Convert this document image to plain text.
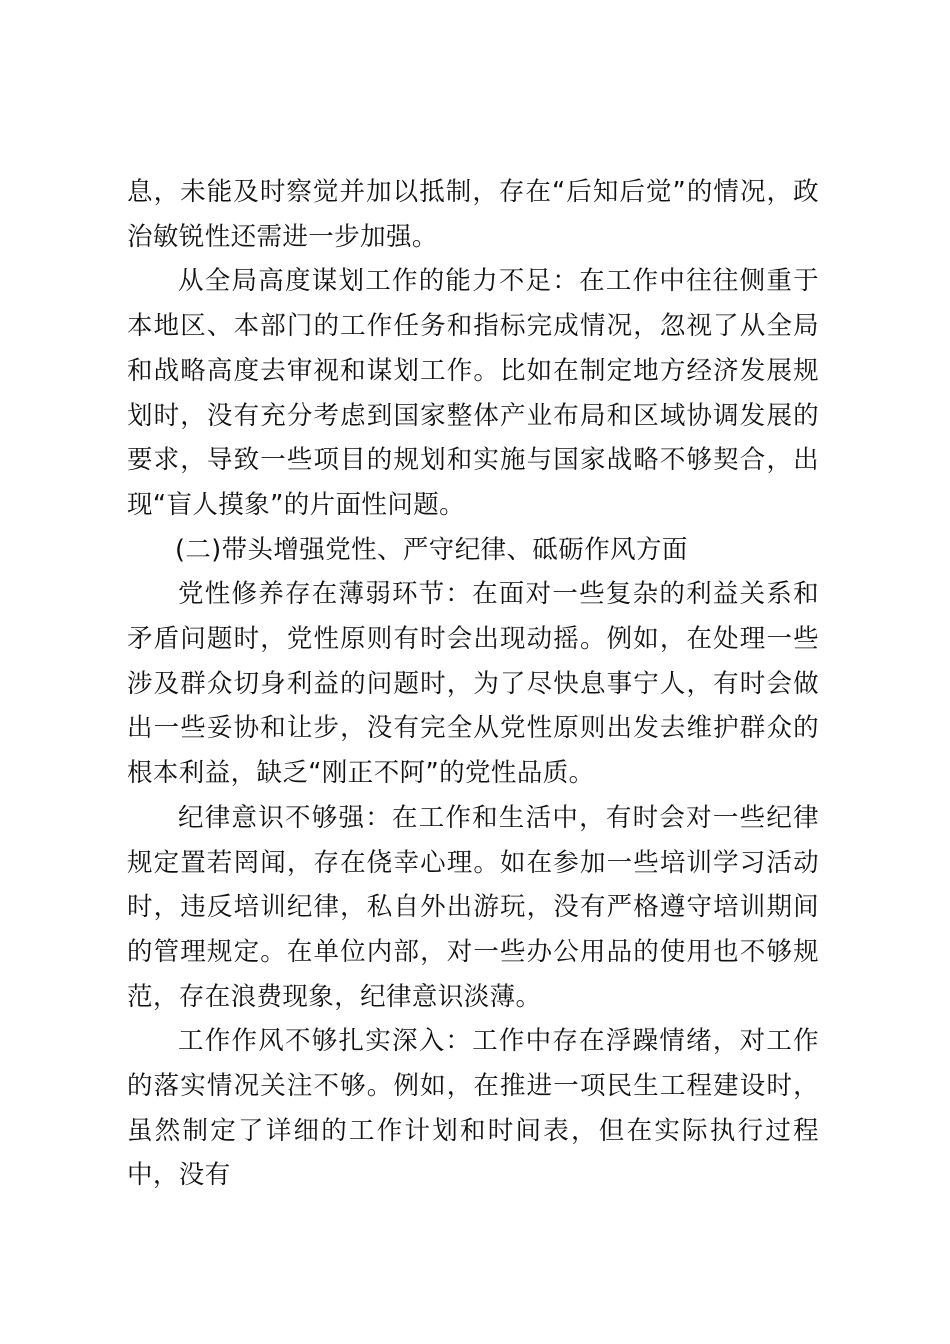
息，未能及时察觉并加以抵制，存在“后知后觉”的情况，政治敏锐性还需进一步加强。

从全局高度谋划工作的能力不足：在工作中往往侧重于本地区、本部门的工作任务和指标完成情况，忽视了从全局和战略高度去审视和谋划工作。比如在制定地方经济发展规划时，没有充分考虑到国家整体产业布局和区域协调发展的要求，导致一些项目的规划和实施与国家战略不够契合，出现“盲人摸象”的片面性问题。

(二)带头增强党性、严守纪律、砥砺作风方面

党性修养存在薄弱环节：在面对一些复杂的利益关系和矛盾问题时，党性原则有时会出现动摇。例如，在处理一些涉及群众切身利益的问题时，为了尽快息事宁人，有时会做出一些妥协和让步，没有完全从党性原则出发去维护群众的根本利益，缺乏“刚正不阿”的党性品质。

纪律意识不够强：在工作和生活中，有时会对一些纪律规定置若罔闻，存在侥幸心理。如在参加一些培训学习活动时，违反培训纪律，私自外出游玩，没有严格遵守培训期间的管理规定。在单位内部，对一些办公用品的使用也不够规范，存在浪费现象，纪律意识淡薄。

工作作风不够扎实深入：工作中存在浮躁情绪，对工作的落实情况关注不够。例如，在推进一项民生工程建设时，虽然制定了详细的工作计划和时间表，但在实际执行过程中，没有
